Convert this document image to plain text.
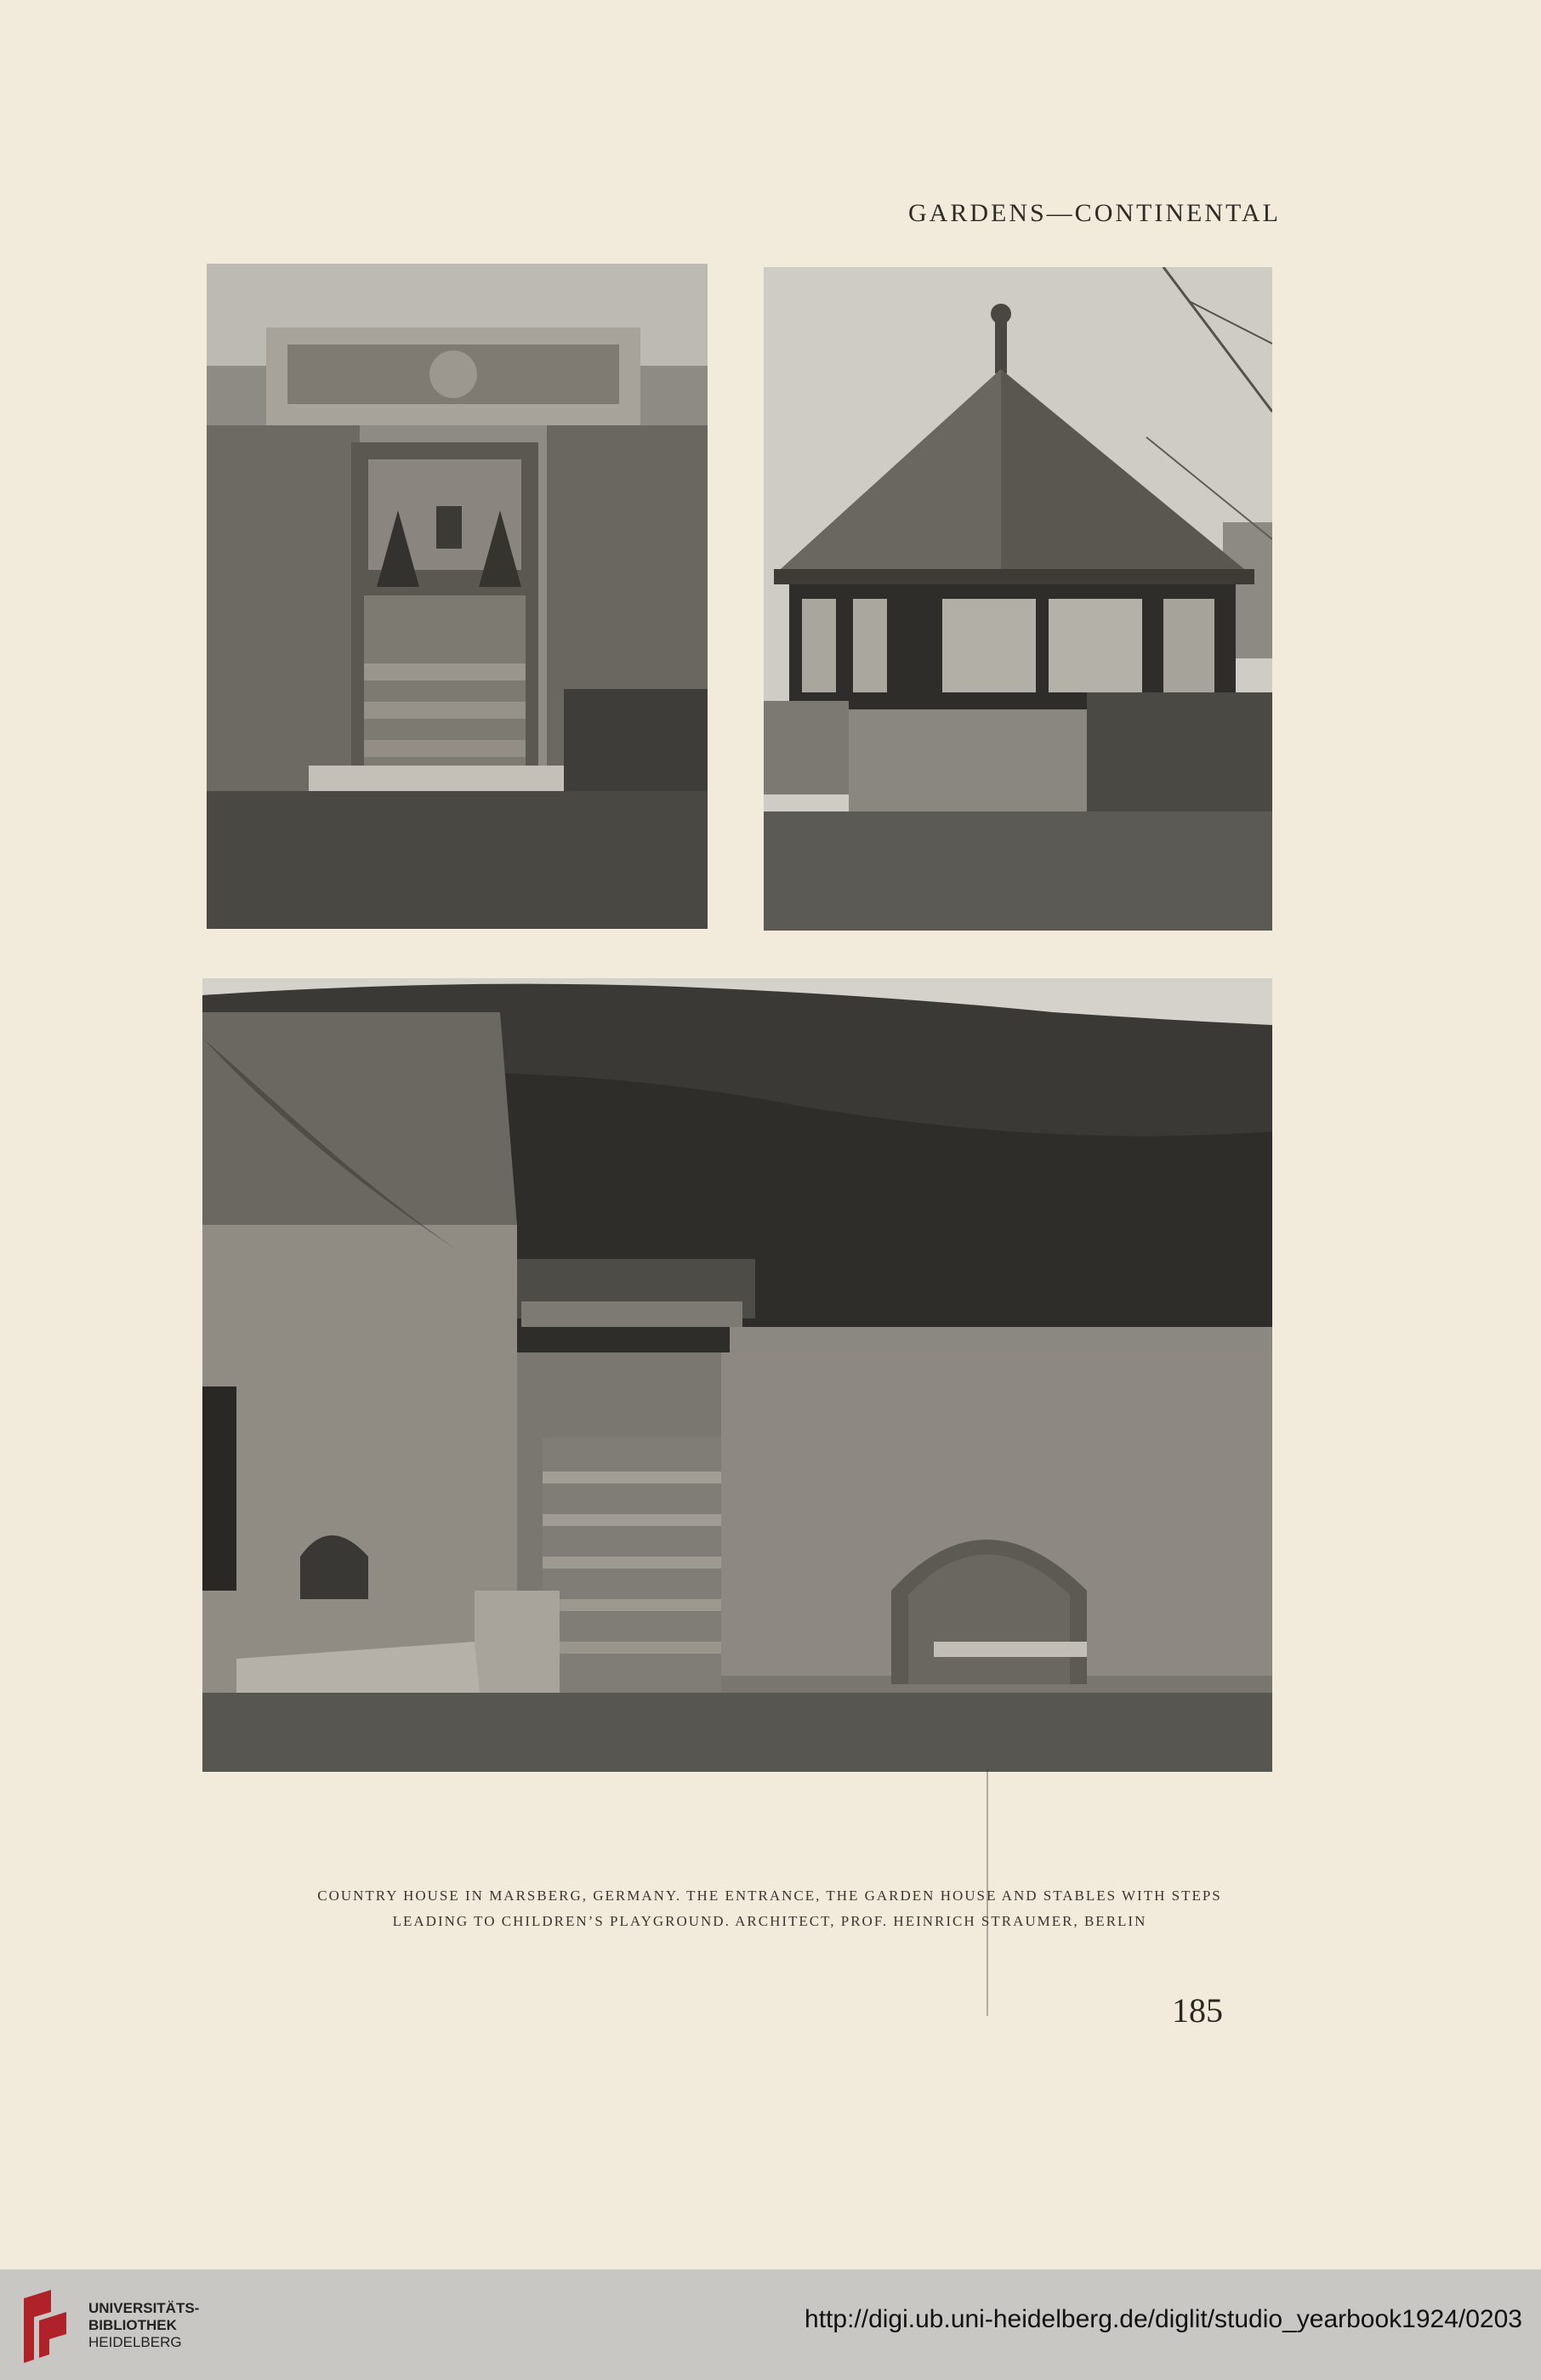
GARDENS—CONTINENTAL
COUNTRY HOUSE IN MARSBERG, GERMANY. THE ENTRANCE, THE GARDEN HOUSE AND STABLES WITH STEPS
LEADING TO CHILDREN’S PLAYGROUND. ARCHITECT, PROF. HEINRICH STRAUMER, BERLIN
185
UNIVERSITÄTS-
BIBLIOTHEK
HEIDELBERG
http://digi.ub.uni-heidelberg.de/diglit/studio_yearbook1924/0203
